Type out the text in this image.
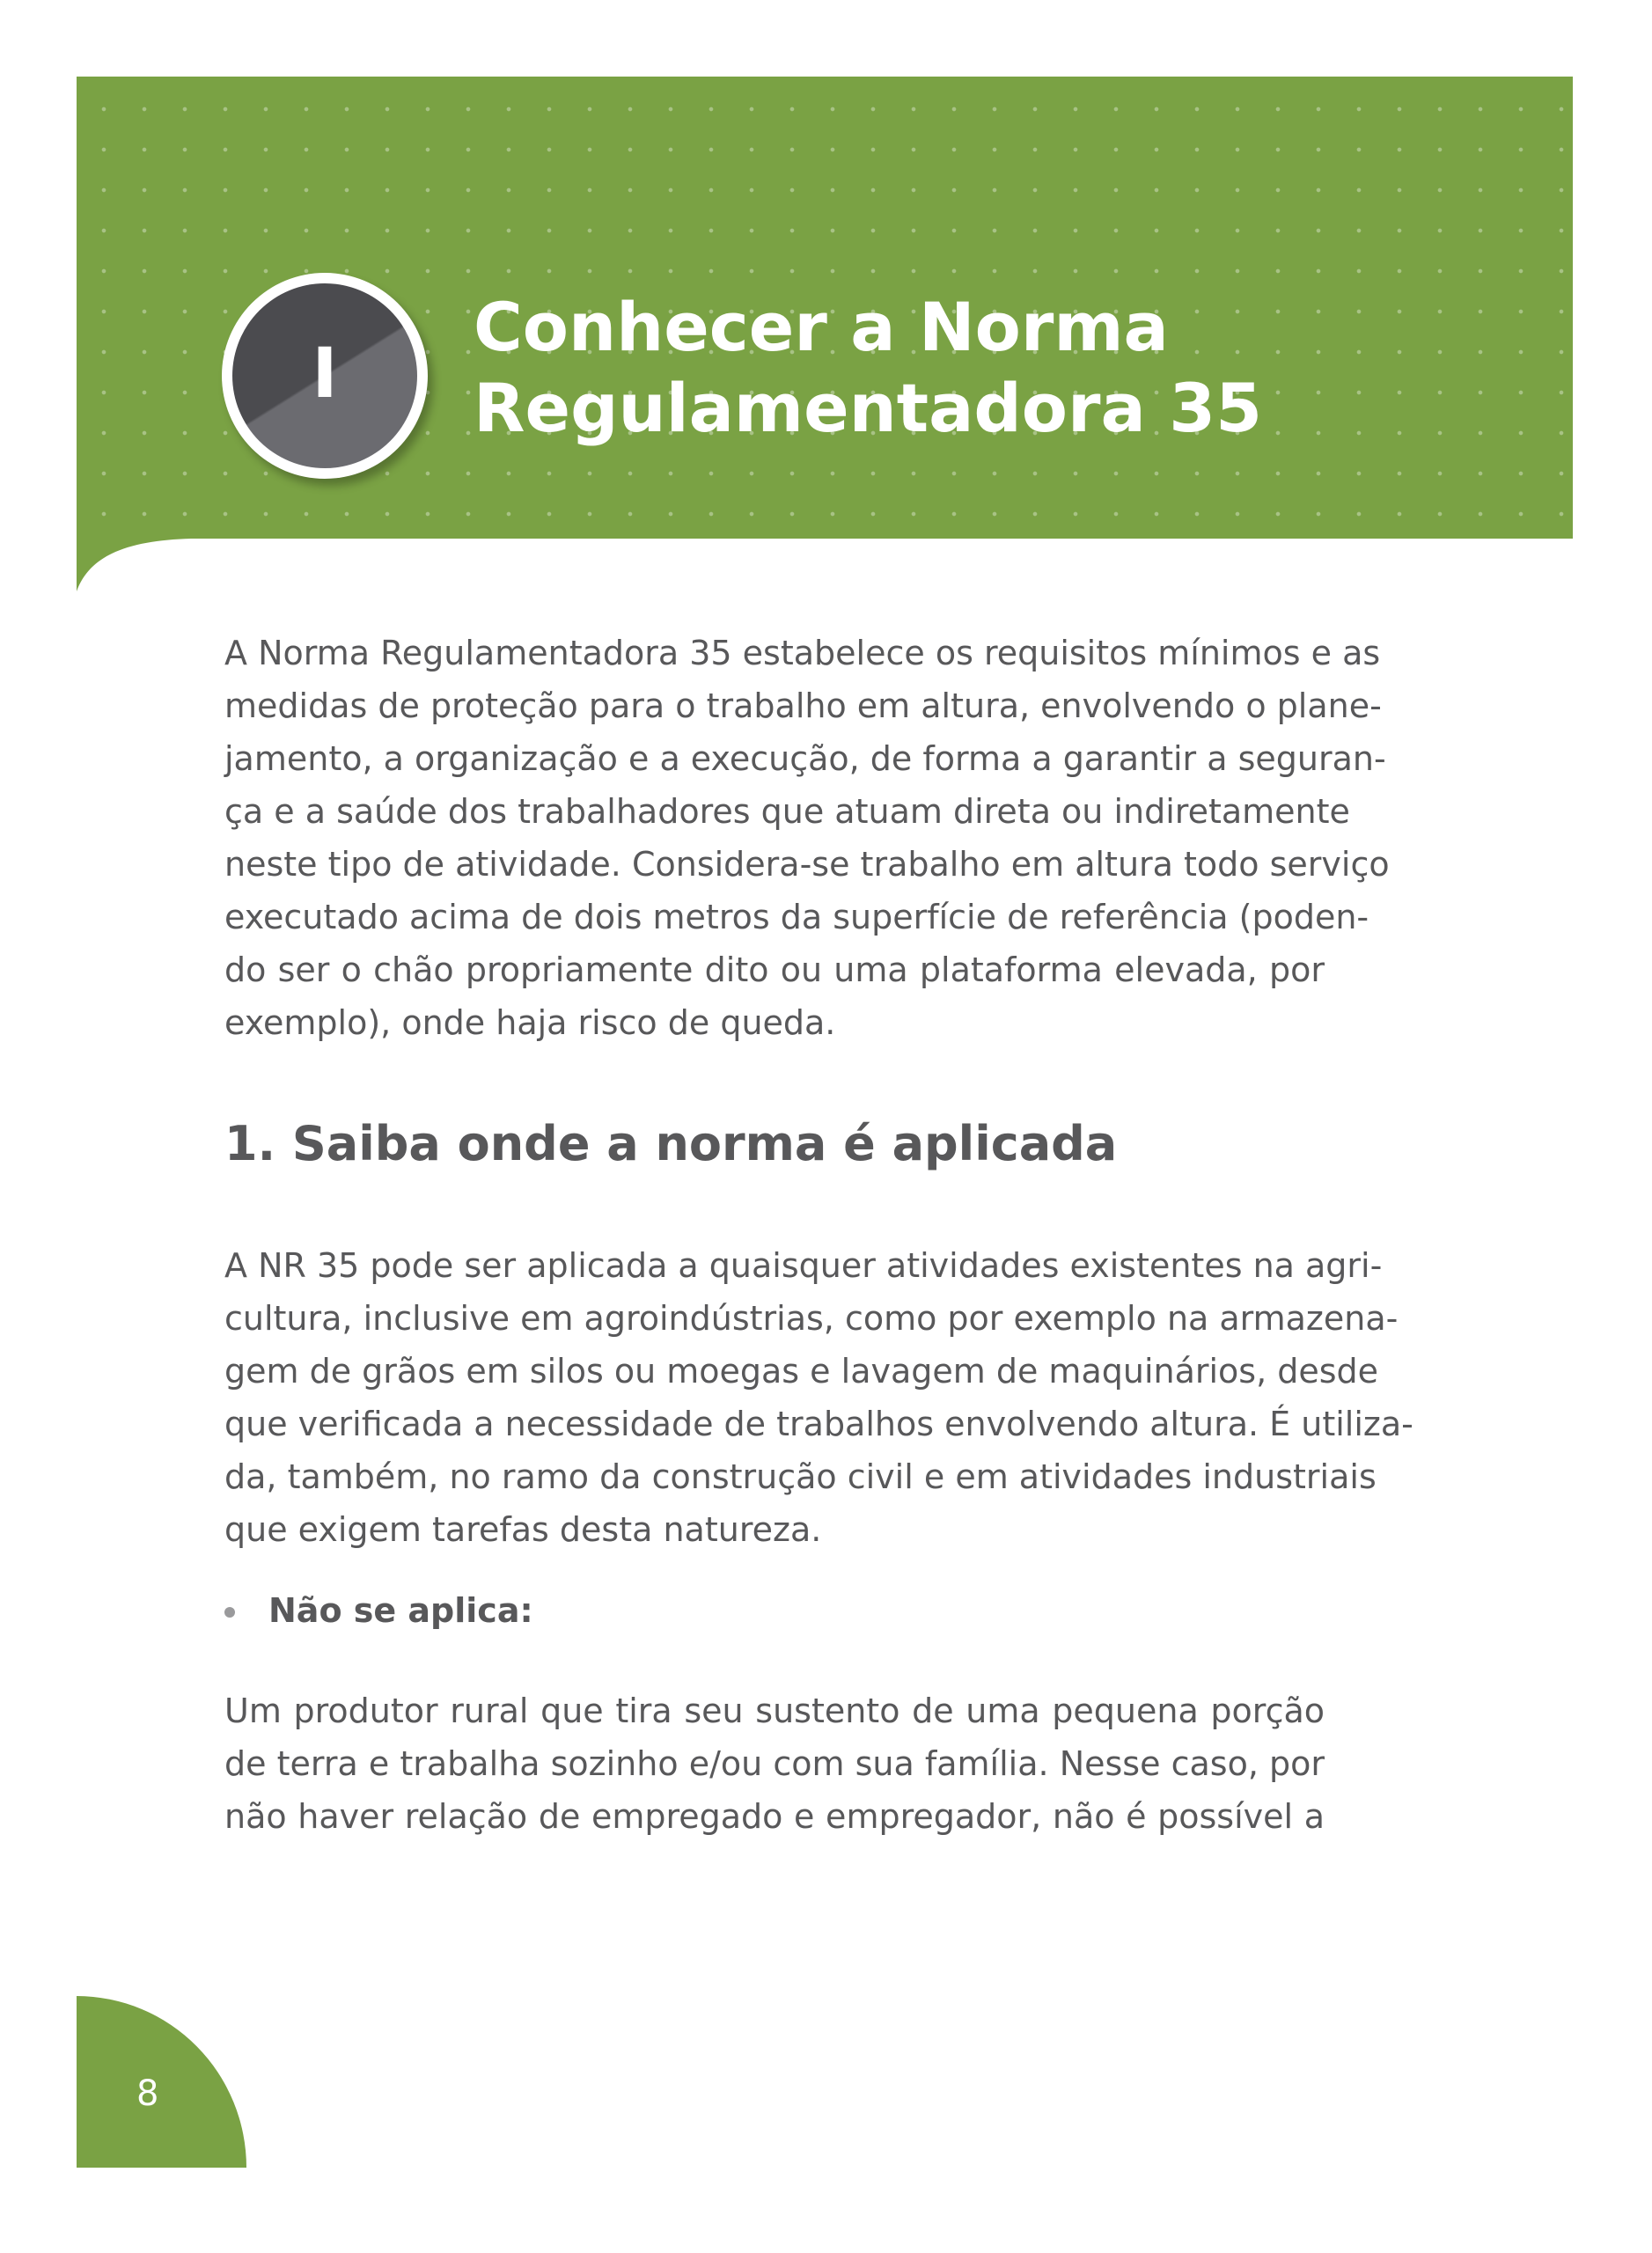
I
Conhecer a Norma
Regulamentadora 35

A Norma Regulamentadora 35 estabelece os requisitos mínimos e as
medidas de proteção para o trabalho em altura, envolvendo o plane-
jamento, a organização e a execução, de forma a garantir a seguran-
ça e a saúde dos trabalhadores que atuam direta ou indiretamente
neste tipo de atividade. Considera-se trabalho em altura todo serviço
executado acima de dois metros da superfície de referência (poden-
do ser o chão propriamente dito ou uma plataforma elevada, por
exemplo), onde haja risco de queda.

1. Saiba onde a norma é aplicada

A NR 35 pode ser aplicada a quaisquer atividades existentes na agri-
cultura, inclusive em agroindústrias, como por exemplo na armazena-
gem de grãos em silos ou moegas e lavagem de maquinários, desde
que verificada a necessidade de trabalhos envolvendo altura. É utiliza-
da, também, no ramo da construção civil e em atividades industriais
que exigem tarefas desta natureza.

Não se aplica:

Um produtor rural que tira seu sustento de uma pequena porção
de terra e trabalha sozinho e/ou com sua família. Nesse caso, por
não haver relação de empregado e empregador, não é possível a

8
